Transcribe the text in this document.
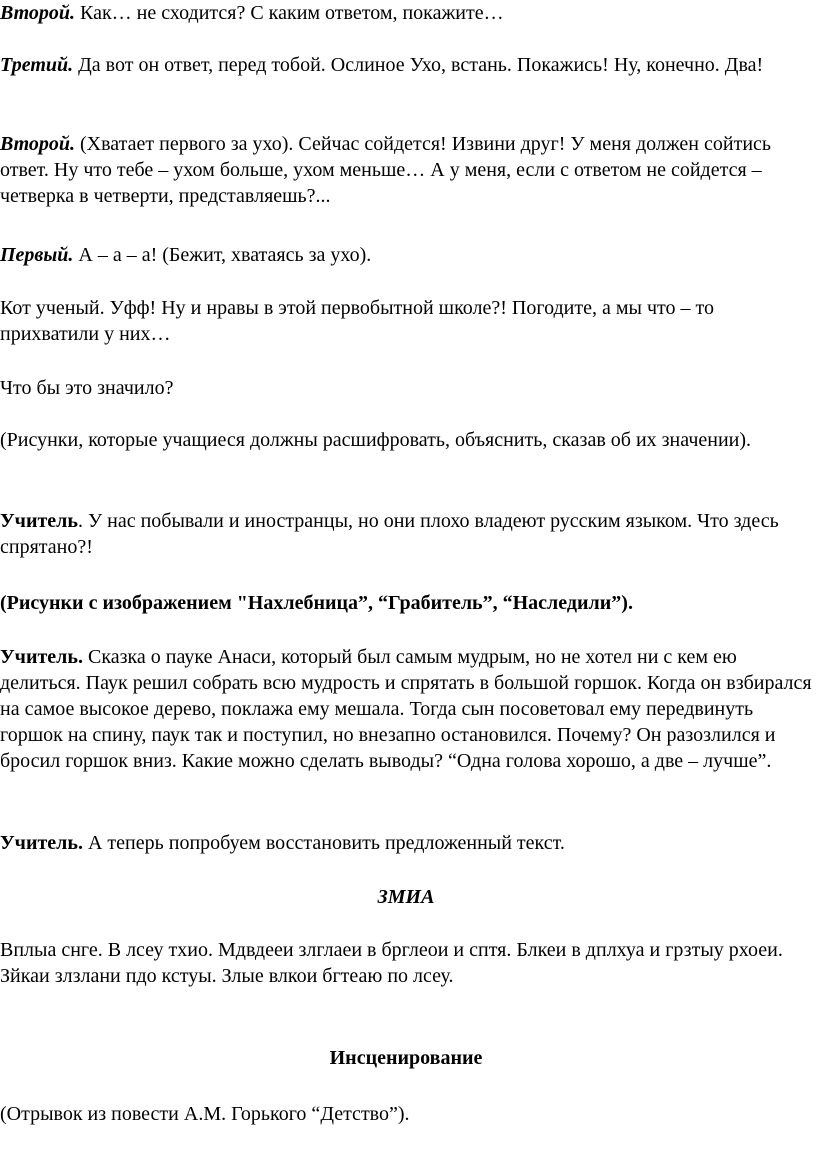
Второй. Как… не сходится? С каким ответом, покажите…

Третий. Да вот он ответ, перед тобой. Ослиное Ухо, встань. Покажись! Ну, конечно. Два!

Второй. (Хватает первого за ухо). Сейчас сойдется! Извини друг! У меня должен сойтись ответ. Ну что тебе – ухом больше, ухом меньше… А у меня, если с ответом не сойдется – четверка в четверти, представляешь?...

Первый. А – а – а! (Бежит, хватаясь за ухо).

Кот ученый. Уфф! Ну и нравы в этой первобытной школе?! Погодите, а мы что – то прихватили у них…

Что бы это значило?

(Рисунки, которые учащиеся должны расшифровать, объяснить, сказав об их значении).

Учитель. У нас побывали и иностранцы, но они плохо владеют русским языком. Что здесь спрятано?!

(Рисунки с изображением "Нахлебница”, “Грабитель”, “Наследили”).

Учитель. Сказка о пауке Анаси, который был самым мудрым, но не хотел ни с кем ею делиться. Паук решил собрать всю мудрость и спрятать в большой горшок. Когда он взбирался на самое высокое дерево, поклажа ему мешала. Тогда сын посоветовал ему передвинуть горшок на спину, паук так и поступил, но внезапно остановился. Почему? Он разозлился и бросил горшок вниз. Какие можно сделать выводы? “Одна голова хорошо, а две – лучше”.

Учитель. А теперь попробуем восстановить предложенный текст.

ЗМИА

Вплыа снге. В лсеу тхио. Мдвдееи злглаеи в брглеои и сптя. Блкеи в дплхуа и грзтыу рхоеи. Зйкаи злзлани пдо кстуы. Злые влкои бгтеаю по лсеу.

Инсценирование

(Отрывок из повести А.М. Горького “Детство”).
